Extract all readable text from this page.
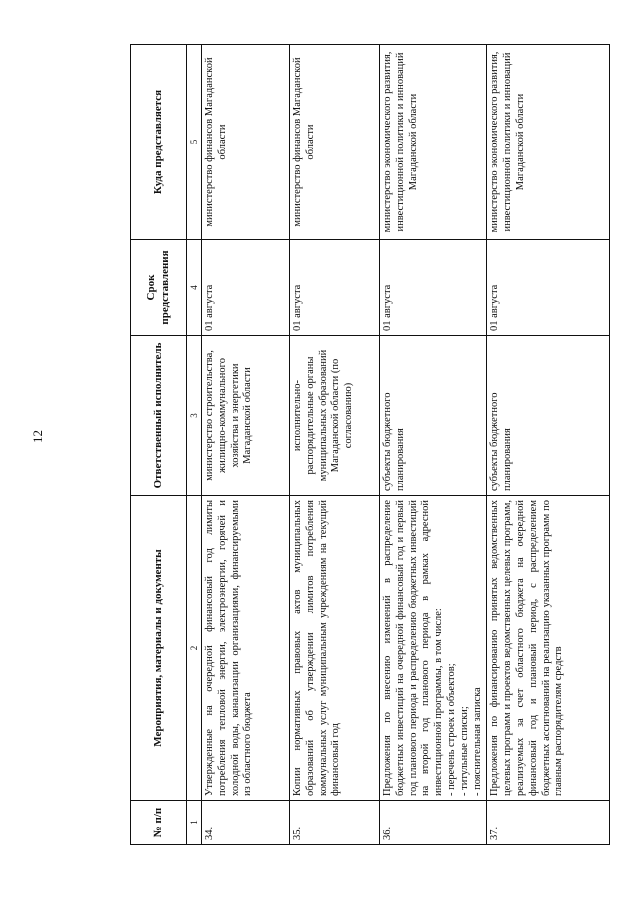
12
№ п/п	Мероприятия, материалы и документы	Ответственный исполнитель	Срок представления	Куда представляется
1	2	3	4	5
34.	Утвержденные на очередной финансовый год лимиты потребления тепловой энергии, электроэнергии, горячей и холодной воды, канализации организациями, финансируемыми из областного бюджета	министерство строительства, жилищно-коммунального хозяйства и энергетики Магаданской области	01 августа	министерство финансов Магаданской области
35.	Копии нормативных правовых актов муниципальных образований об утверждении лимитов потребления коммунальных услуг муниципальным учреждениям на текущий финансовый год	исполнительно-распорядительные органы муниципальных образований Магаданской области (по согласованию)	01 августа	министерство финансов Магаданской области
36.	Предложения по внесению изменений в распределение бюджетных инвестиций на очередной финансовый год и первый год планового периода и распределению бюджетных инвестиций на второй год планового периода в рамках адресной инвестиционной программы, в том числе: - перечень строек и объектов; - титульные списки; - пояснительная записка	субъекты бюджетного планирования	01 августа	министерство экономического развития, инвестиционной политики и инноваций Магаданской области
37.	Предложения по финансированию принятых ведомственных целевых программ и проектов ведомственных целевых программ, реализуемых за счет областного бюджета на очередной финансовый год и плановый период, с распределением бюджетных ассигнований на реализацию указанных программ по главным распорядителям средств	субъекты бюджетного планирования	01 августа	министерство экономического развития, инвестиционной политики и инноваций Магаданской области
